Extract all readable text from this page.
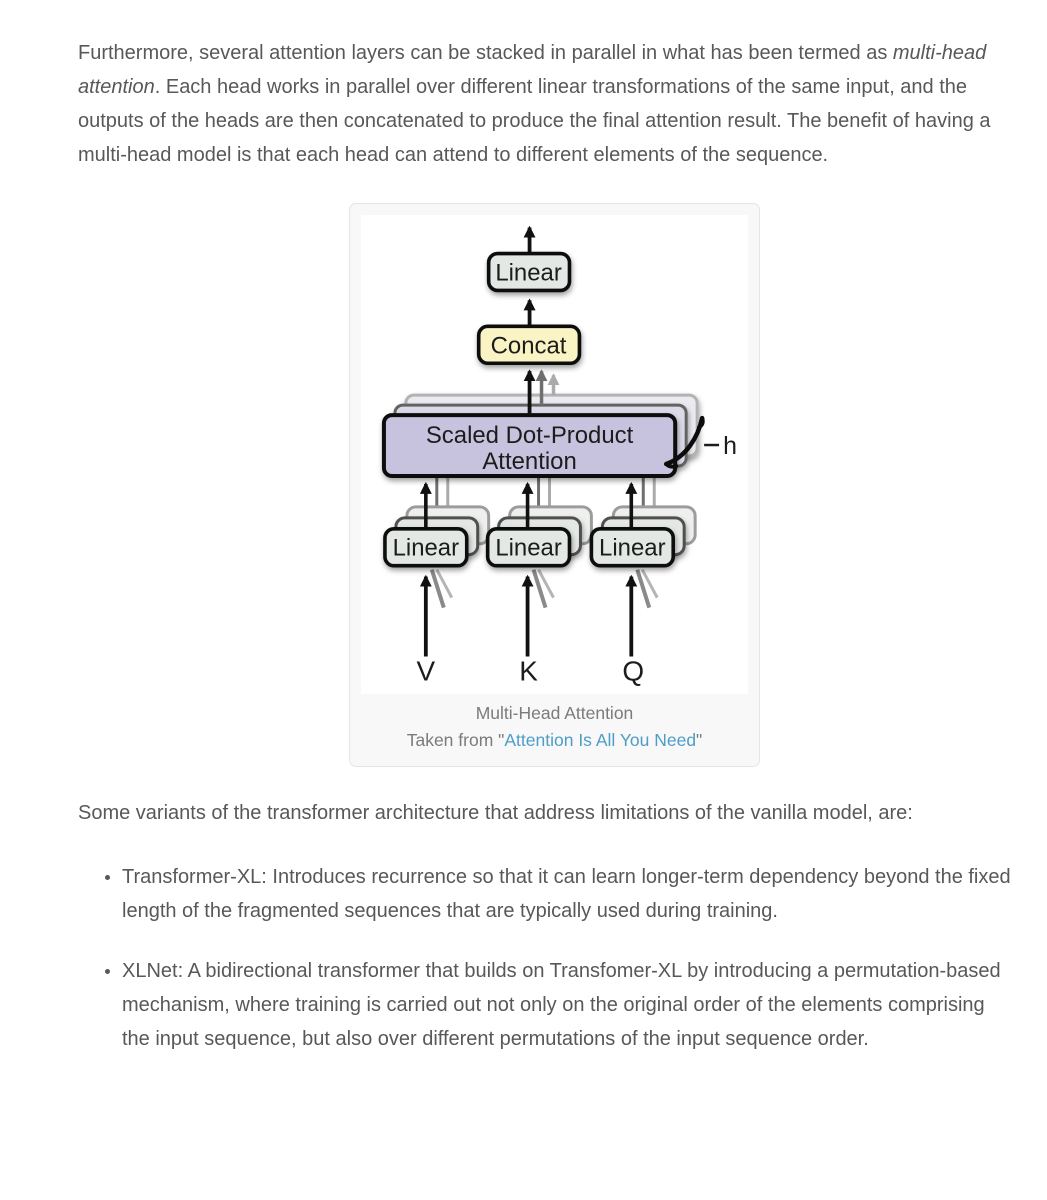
Furthermore, several attention layers can be stacked in parallel in what has been termed as multi-head attention. Each head works in parallel over different linear transformations of the same input, and the outputs of the heads are then concatenated to produce the final attention result. The benefit of having a multi-head model is that each head can attend to different elements of the sequence.

Scaled Dot-Product
Attention
h
Linear Linear Linear
V	K	Q
Concat
Linear
Multi-Head Attention
Taken from "Attention Is All You Need"

Some variants of the transformer architecture that address limitations of the vanilla model, are:

• Transformer-XL: Introduces recurrence so that it can learn longer-term dependency beyond the fixed length of the fragmented sequences that are typically used during training.
• XLNet: A bidirectional transformer that builds on Transfomer-XL by introducing a permutation-based mechanism, where training is carried out not only on the original order of the elements comprising the input sequence, but also over different permutations of the input sequence order.
